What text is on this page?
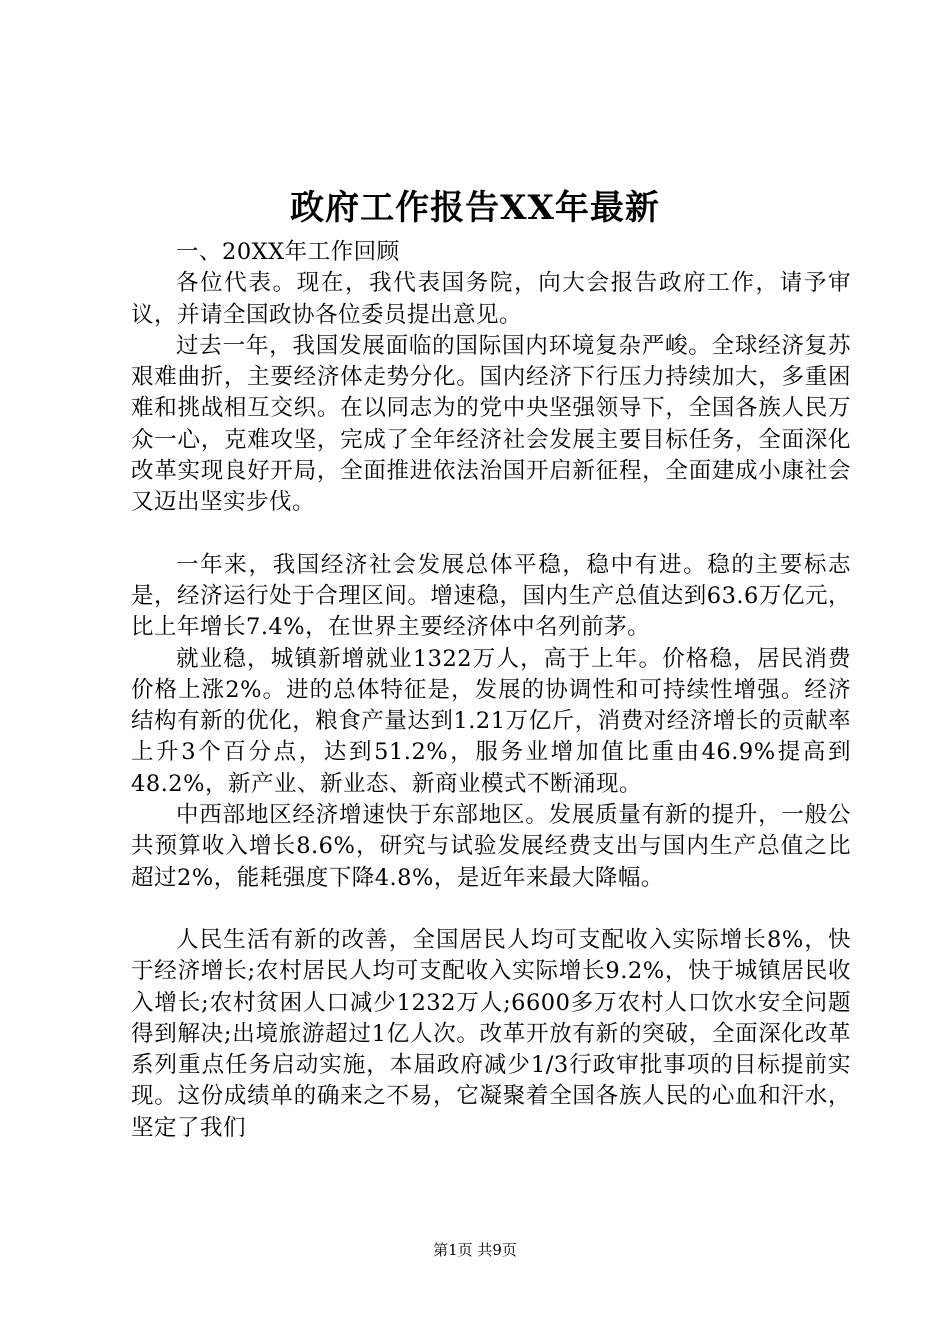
政府工作报告XX年最新

一、20XX年工作回顾

各位代表。现在，我代表国务院，向大会报告政府工作，请予审议，并请全国政协各位委员提出意见。

过去一年，我国发展面临的国际国内环境复杂严峻。全球经济复苏艰难曲折，主要经济体走势分化。国内经济下行压力持续加大，多重困难和挑战相互交织。在以同志为的党中央坚强领导下，全国各族人民万众一心，克难攻坚，完成了全年经济社会发展主要目标任务，全面深化改革实现良好开局，全面推进依法治国开启新征程，全面建成小康社会又迈出坚实步伐。

一年来，我国经济社会发展总体平稳，稳中有进。稳的主要标志是，经济运行处于合理区间。增速稳，国内生产总值达到63.6万亿元，比上年增长7.4%，在世界主要经济体中名列前茅。

就业稳，城镇新增就业1322万人，高于上年。价格稳，居民消费价格上涨2%。进的总体特征是，发展的协调性和可持续性增强。经济结构有新的优化，粮食产量达到1.21万亿斤，消费对经济增长的贡献率上升3个百分点，达到51.2%，服务业增加值比重由46.9%提高到48.2%，新产业、新业态、新商业模式不断涌现。

中西部地区经济增速快于东部地区。发展质量有新的提升，一般公共预算收入增长8.6%，研究与试验发展经费支出与国内生产总值之比超过2%，能耗强度下降4.8%，是近年来最大降幅。

人民生活有新的改善，全国居民人均可支配收入实际增长8%，快于经济增长;农村居民人均可支配收入实际增长9.2%，快于城镇居民收入增长;农村贫困人口减少1232万人;6600多万农村人口饮水安全问题得到解决;出境旅游超过1亿人次。改革开放有新的突破，全面深化改革系列重点任务启动实施，本届政府减少1/3行政审批事项的目标提前实现。这份成绩单的确来之不易，它凝聚着全国各族人民的心血和汗水，坚定了我们

第1页 共9页
